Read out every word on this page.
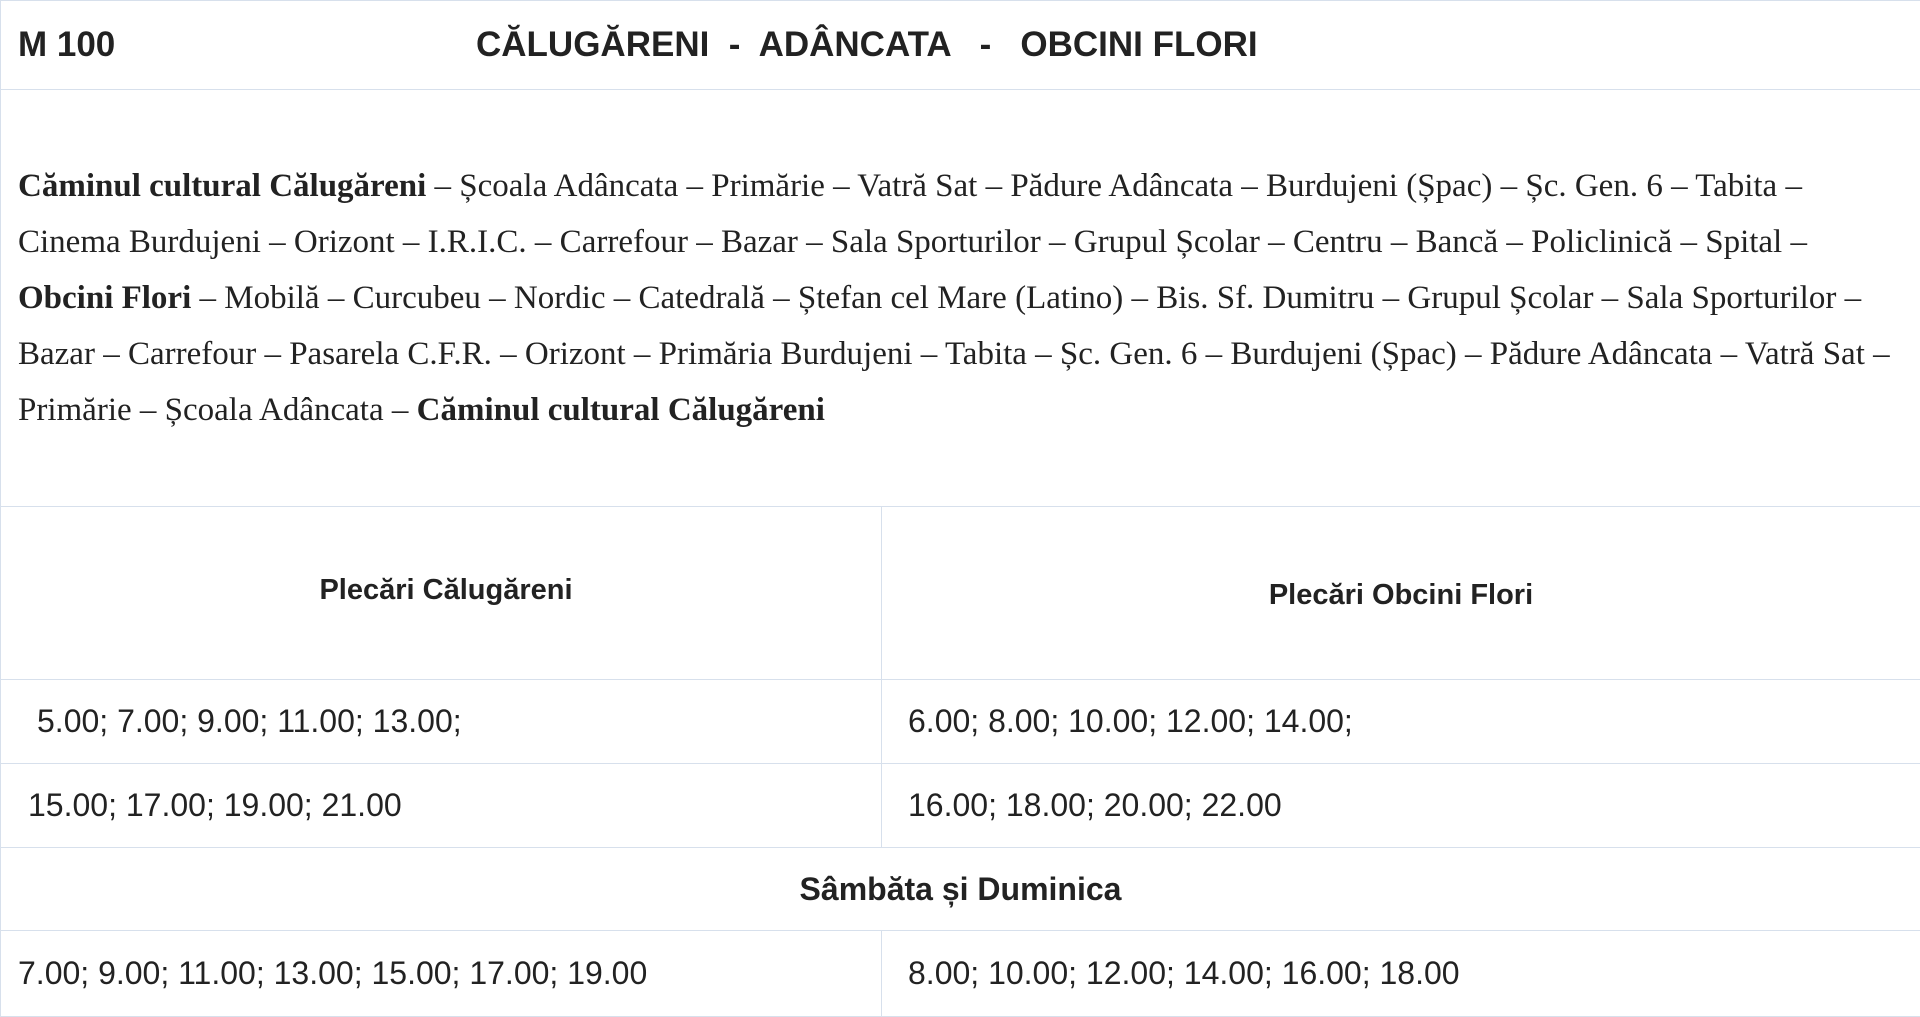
M 100 CĂLUGĂRENI  -  ADÂNCATA   -   OBCINI FLORI	

Căminul cultural Călugăreni – Școala Adâncata – Primărie – Vatră Sat – Pădure Adâncata – Burdujeni (Șpac) – Șc. Gen. 6 – Tabita – Cinema Burdujeni – Orizont – I.R.I.C. – Carrefour – Bazar – Sala Sporturilor – Grupul Școlar – Centru – Bancă – Policlinică – Spital – Obcini Flori – Mobilă – Curcubeu – Nordic – Catedrală – Ștefan cel Mare (Latino) – Bis. Sf. Dumitru – Grupul Școlar – Sala Sporturilor – Bazar – Carrefour – Pasarela C.F.R. – Orizont – Primăria Burdujeni – Tabita – Șc. Gen. 6 – Burdujeni (Șpac) – Pădure Adâncata – Vatră Sat – Primărie – Școala Adâncata – Căminul cultural Călugăreni	
Plecări Călugăreni	Plecări Obcini Flori
5.00; 7.00; 9.00; 11.00; 13.00;	6.00; 8.00; 10.00; 12.00; 14.00;
15.00; 17.00; 19.00; 21.00	16.00; 18.00; 20.00; 22.00
Sâmbăta și Duminica	
7.00; 9.00; 11.00; 13.00; 15.00; 17.00; 19.00	8.00; 10.00; 12.00; 14.00; 16.00; 18.00
